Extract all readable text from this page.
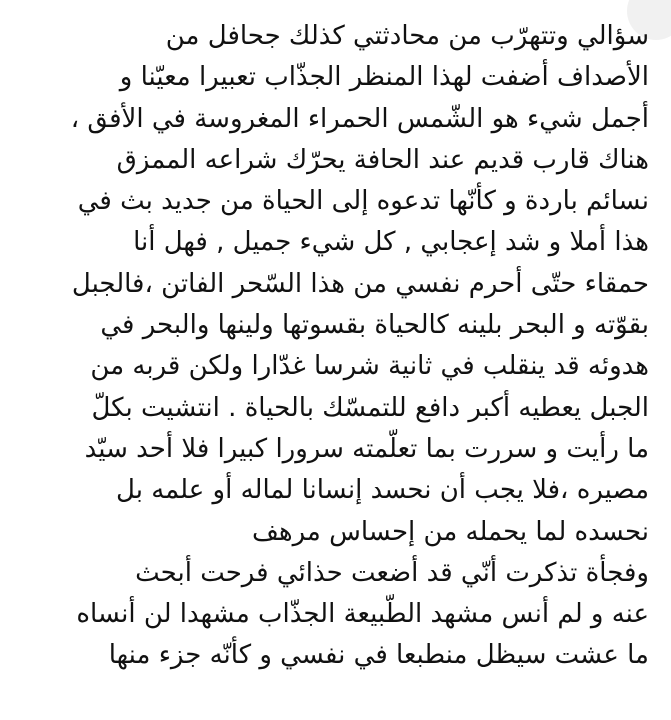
سؤالي وتتهرّب من محادثتي كذلك جحافل من
الأصداف أضفت لهذا المنظر الجذّاب تعبيرا معيّنا و
أجمل شيء هو الشّمس الحمراء المغروسة في الأفق ،
هناك قارب قديم عند الحافة يحرّك شراعه الممزق
نسائم باردة و كأنّها تدعوه إلى الحياة من جديد بث في
هذا أملا و شد إعجابي , كل شيء جميل , فهل أنا
حمقاء حتّى أحرم نفسي من هذا السّحر الفاتن ،فالجبل
بقوّته و البحر بلينه كالحياة بقسوتها ولينها والبحر في
هدوئه قد ينقلب في ثانية شرسا غدّارا ولكن قربه من
الجبل يعطيه أكبر دافع للتمسّك بالحياة . انتشيت بكلّ
ما رأيت و سررت بما تعلّمته سرورا كبيرا فلا أحد سيّد
مصيره ،فلا يجب أن نحسد إنسانا لماله أو علمه بل
نحسده لما يحمله من إحساس مرهف
وفجأة تذكرت أنّي قد أضعت حذائي فرحت أبحث
عنه و لم أنس مشهد الطّبيعة الجذّاب مشهدا لن أنساه
ما عشت سيظل منطبعا في نفسي و كأنّه جزء منها
